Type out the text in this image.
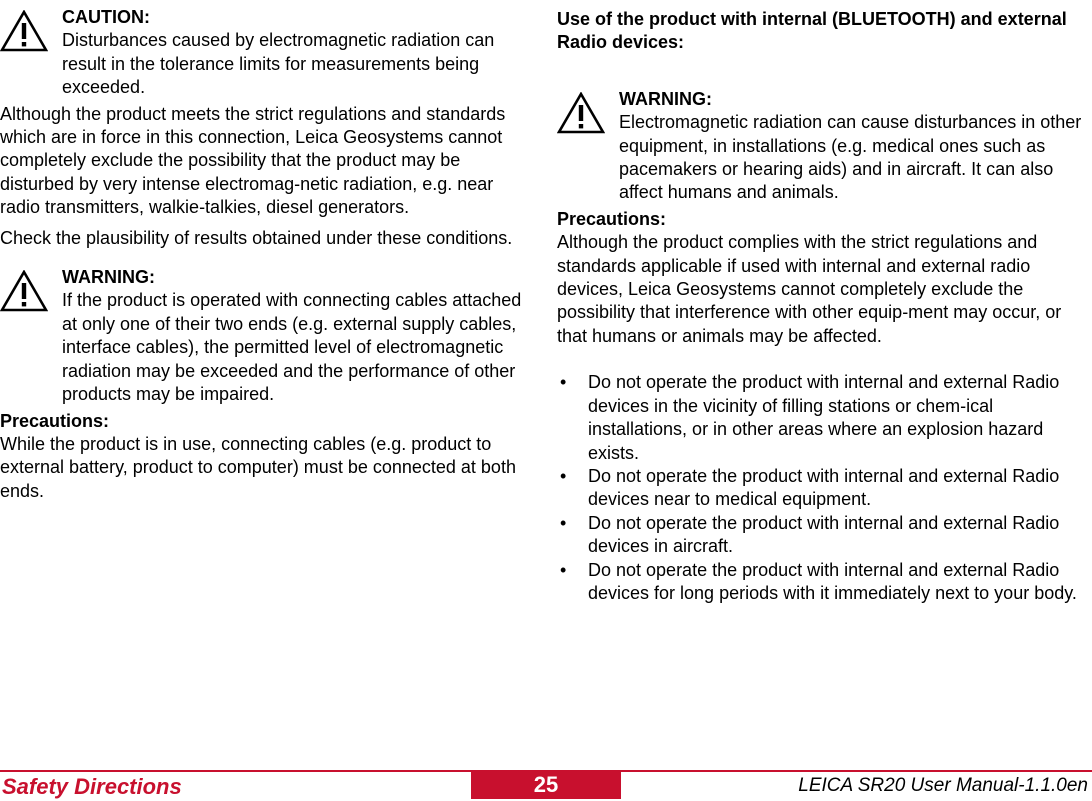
CAUTION:

Disturbances caused by electromagnetic radiation can result in the tolerance limits for measurements being exceeded.

Although the product meets the strict regulations and standards which are in force in this connection, Leica Geosystems cannot completely exclude the possibility that the product may be disturbed by very intense electromag-netic radiation, e.g. near radio transmitters, walkie-talkies, diesel generators.

Check the plausibility of results obtained under these conditions.

WARNING:

If the product is operated with connecting cables attached at only one of their two ends (e.g. external supply cables, interface cables), the permitted level of electromagnetic radiation may be exceeded and the performance of other products may be impaired.

Precautions:

While the product is in use, connecting cables (e.g. product to external battery, product to computer) must be connected at both ends.

Use of the product with internal (BLUETOOTH) and external Radio devices:

WARNING:

Electromagnetic radiation can cause disturbances in other equipment, in installations (e.g. medical ones such as pacemakers or hearing aids) and in aircraft. It can also affect humans and animals.

Precautions:

Although the product complies with the strict regulations and standards applicable if used with internal and external radio devices, Leica Geosystems cannot completely exclude the possibility that interference with other equip-ment may occur, or that humans or animals may be affected.

• Do not operate the product with internal and external Radio devices in the vicinity of filling stations or chem-ical installations, or in other areas where an explosion hazard exists.
• Do not operate the product with internal and external Radio devices near to medical equipment.
• Do not operate the product with internal and external Radio devices in aircraft.
• Do not operate the product with internal and external Radio devices for long periods with it immediately next to your body.
Safety Directions	25	LEICA SR20 User Manual-1.1.0en
